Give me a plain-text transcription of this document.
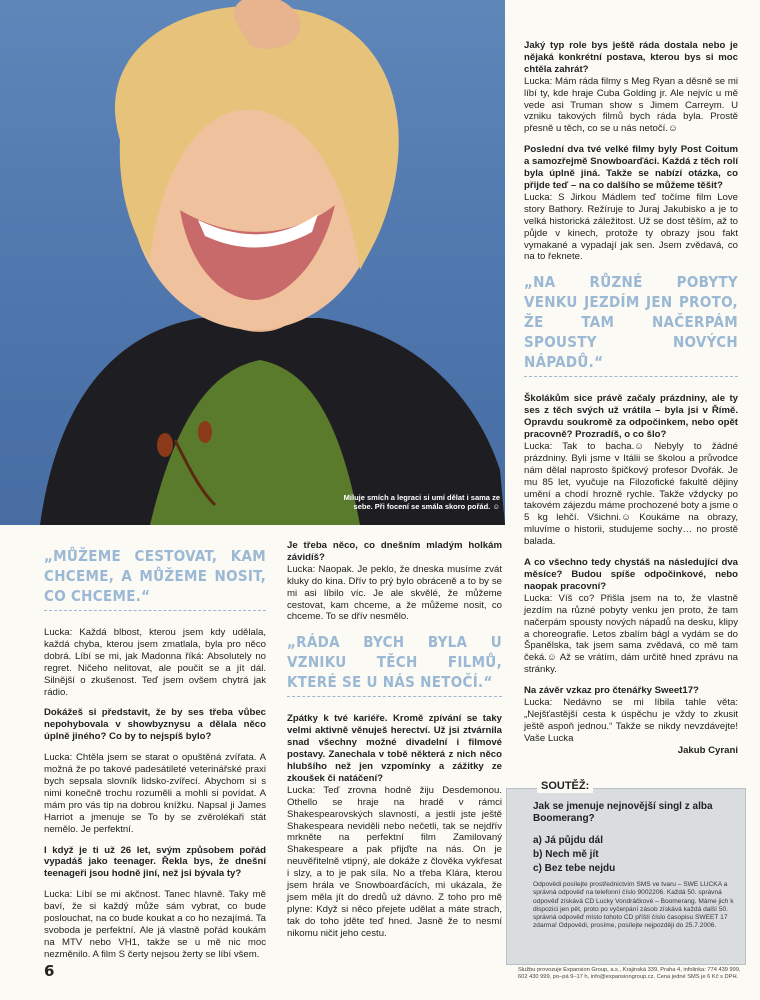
Miluje smích a legraci si umí dělat i sama ze sebe. Při focení se smála skoro pořád. ☺
„MŮŽEME CESTOVAT, KAM CHCEME, A MŮŽEME NOSIT, CO CHCEME.“

Lucka: Každá blbost, kterou jsem kdy udělala, každá chyba, kterou jsem zmatlala, byla pro něco dobrá. Líbí se mi, jak Madonna říká: Absolutely no regret. Ničeho nelitovat, ale poučit se a jít dál. Silnější o zkušenost. Teď jsem ovšem chytrá jak rádio.

Dokážeš si představit, že by ses třeba vůbec nepohybovala v showbyznysu a dělala něco úplně jiného? Co by to nejspíš bylo?

Lucka: Chtěla jsem se starat o opuštěná zvířata. A možná že po takové padesátileté veterinářské praxi bych sepsala slovník lidsko-zvířecí. Abychom si s nimi konečně trochu rozuměli a mohli si povídat. A mám pro vás tip na dobrou knížku. Napsal ji James Harriot a jmenuje se To by se zvěrolékaři stát nemělo. Je perfektní.

I když je ti už 26 let, svým způsobem pořád vypadáš jako teenager. Řekla bys, že dnešní teenageři jsou hodně jiní, než jsi bývala ty?

Lucka: Líbí se mi akčnost. Tanec hlavně. Taky mě baví, že si každý může sám vybrat, co bude poslouchat, na co bude koukat a co ho nezajímá. Ta svoboda je perfektní. Ale já vlastně pořád koukám na MTV nebo VH1, takže se u mě nic moc nezměnilo. A film S čerty nejsou žerty se líbí všem.

Je třeba něco, co dnešním mladým holkám závidíš?

Lucka: Naopak. Je peklo, že dneska musíme zvát kluky do kina. Dřív to prý bylo obráceně a to by se mi asi líbilo víc. Je ale skvělé, že můžeme cestovat, kam chceme, a že můžeme nosit, co chceme. To se dřív nesmělo.

„RÁDA BYCH BYLA U VZNIKU TĚCH FILMŮ, KTERÉ SE U NÁS NETOČÍ.“

Zpátky k tvé kariéře. Kromě zpívání se taky velmi aktivně věnuješ herectví. Už jsi ztvárnila snad všechny možné divadelní i filmové postavy. Zanechala v tobě některá z nich něco hlubšího než jen vzpomínky a zážitky ze zkoušek či natáčení?

Lucka: Teď zrovna hodně žiju Desdemonou. Othello se hraje na hradě v rámci Shakespearovských slavností, a jestli jste ještě Shakespeara neviděli nebo nečetli, tak se nejdřív mrkněte na perfektní film Zamilovaný Shakespeare a pak přijďte na nás. On je neuvěřitelně vtipný, ale dokáže z člověka vykřesat i slzy, a to je pak síla. No a třeba Klára, kterou jsem hrála ve Snowboarďácích, mi ukázala, že jsem měla jít do dredů už dávno. Z toho pro mě plyne: Když si něco přejete udělat a máte strach, tak do toho jděte teď hned. Jasně že to nesmí nikomu ničit jeho cestu.

Jaký typ role bys ještě ráda dostala nebo je nějaká konkrétní postava, kterou bys si moc chtěla zahrát?

Lucka: Mám ráda filmy s Meg Ryan a děsně se mi líbí ty, kde hraje Cuba Golding jr. Ale nejvíc u mě vede asi Truman show s Jimem Carreym. U vzniku takových filmů bych ráda byla. Prostě přesně u těch, co se u nás netočí.☺

Poslední dva tvé velké filmy byly Post Coitum a samozřejmě Snowboarďáci. Každá z těch rolí byla úplně jiná. Takže se nabízí otázka, co přijde teď – na co dalšího se můžeme těšit?

Lucka: S Jirkou Mádlem teď točíme film Love story Bathory. Režíruje to Juraj Jakubisko a je to velká historická záležitost. Už se dost těším, až to půjde v kinech, protože ty obrazy jsou fakt vymakané a vypadají jak sen. Jsem zvědavá, co na to řeknete.

„NA RŮZNÉ POBYTY VENKU JEZDÍM JEN PROTO, ŽE TAM NAČERPÁM SPOUSTY NOVÝCH NÁPADŮ.“

Školákům sice právě začaly prázdniny, ale ty ses z těch svých už vrátila – byla jsi v Římě. Opravdu soukromě za odpočinkem, nebo opět pracovně? Prozradíš, o co šlo?

Lucka: Tak to bacha.☺ Nebyly to žádné prázdniny. Byli jsme v Itálii se školou a průvodce nám dělal naprosto špičkový profesor Dvořák. Je mu 85 let, vyučuje na Filozofické fakultě dějiny umění a chodí hrozně rychle. Takže vždycky po takovém zájezdu máme prochozené boty a jsme o 5 kg lehčí. Všichni.☺ Koukáme na obrazy, mluvíme o historii, studujeme sochy… no prostě balada.

A co všechno tedy chystáš na následující dva měsíce? Budou spíše odpočinkové, nebo naopak pracovní?

Lucka: Víš co? Přišla jsem na to, že vlastně jezdím na různé pobyty venku jen proto, že tam načerpám spousty nových nápadů na desku, klipy a choreografie. Letos zbalím bágl a vydám se do Španělska, tak jsem sama zvědavá, co mě tam čeká.☺ Až se vrátím, dám určitě hned zprávu na stránky.

Na závěr vzkaz pro čtenářky Sweet17?

Lucka: Nedávno se mi líbila tahle věta: „Nejšťastější cesta k úspěchu je vždy to zkusit ještě aspoň jednou.“ Takže se nikdy nevzdávejte! Vaše Lucka

Jakub Cyrani
SOUTĚŽ:
Jak se jmenuje nejnovější singl z alba Boomerang?
a) Já půjdu dál
b) Nech mě jít
c) Bez tebe nejdu
Odpovědi posílejte prostřednictvím SMS ve tvaru – SWE LUCKA a správná odpověď na telefonní číslo 9002206. Každá 50. správná odpověď získává CD Lucky Vondráčkové – Boomerang. Máme jich k dispozici jen pět, proto po vyčerpání zásob získává každá další 50. správná odpověď místo tohoto CD příští číslo časopisu SWEET 17 zdarma! Odpovědi, prosíme, posílejte nejpozději do 25.7.2006.
Službu provozuje Expansion Group, a.s., Krajinská 339, Praha 4, infolinka: 774 439 999, 602 430 999, po–pá 9–17 h, info@expansiongroup.cz. Cena jedné SMS je 6 Kč s DPH.
6
